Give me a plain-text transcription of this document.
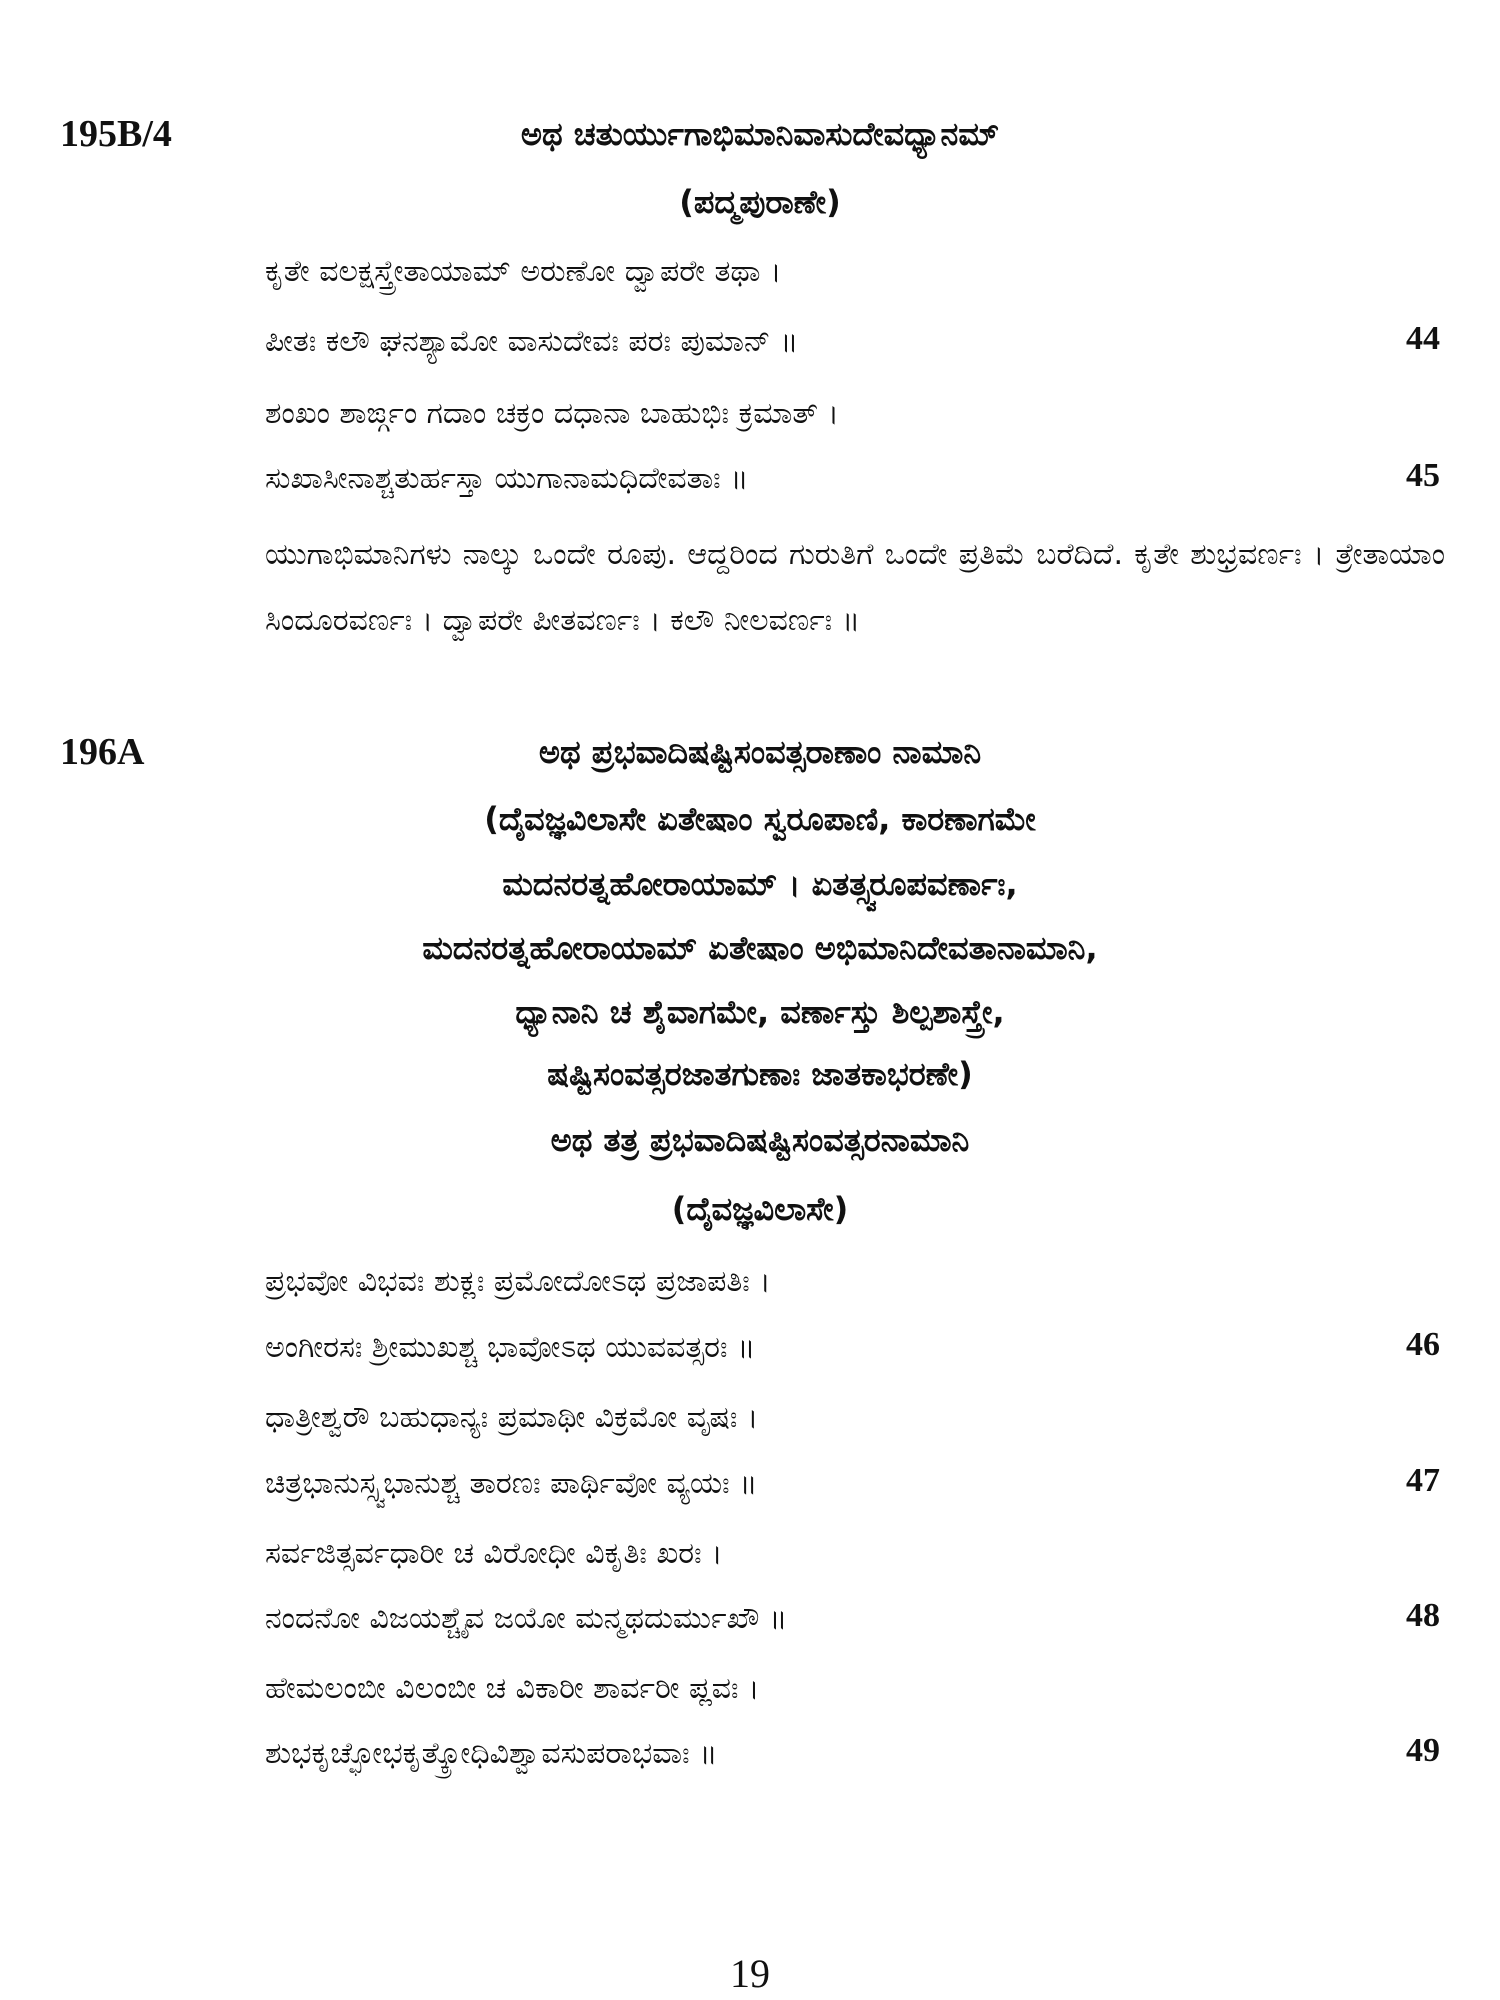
195B/4	ಅಥ ಚತುರ್ಯುಗಾಭಿಮಾನಿವಾಸುದೇವಧ್ಯಾನಮ್
(ಪದ್ಮಪುರಾಣೇ)
ಕೃತೇ ವಲಕ್ಷಸ್ತ್ರೇತಾಯಾಮ್ ಅರುಣೋ ದ್ವಾಪರೇ ತಥಾ ।
ಪೀತಃ ಕಲೌ ಘನಶ್ಯಾಮೋ ವಾಸುದೇವಃ ಪರಃ ಪುಮಾನ್ ॥	44
ಶಂಖಂ ಶಾರ್ಙ್ಗಂ ಗದಾಂ ಚಕ್ರಂ ದಧಾನಾ ಬಾಹುಭಿಃ ಕ್ರಮಾತ್ ।
ಸುಖಾಸೀನಾಶ್ಚತುರ್ಹಸ್ತಾ ಯುಗಾನಾಮಧಿದೇವತಾಃ ॥	45
ಯುಗಾಭಿಮಾನಿಗಳು ನಾಲ್ಕು ಒಂದೇ ರೂಪು. ಆದ್ದರಿಂದ ಗುರುತಿಗೆ ಒಂದೇ ಪ್ರತಿಮೆ ಬರೆದಿದೆ. ಕೃತೇ ಶುಭ್ರವರ್ಣಃ । ತ್ರೇತಾಯಾಂ ಸಿಂದೂರವರ್ಣಃ । ದ್ವಾಪರೇ ಪೀತವರ್ಣಃ । ಕಲೌ ನೀಲವರ್ಣಃ ॥
196A	ಅಥ ಪ್ರಭವಾದಿಷಷ್ಟಿಸಂವತ್ಸರಾಣಾಂ ನಾಮಾನಿ
(ದೈವಜ್ಞವಿಲಾಸೇ ಏತೇಷಾಂ ಸ್ವರೂಪಾಣಿ, ಕಾರಣಾಗಮೇ
ಮದನರತ್ನಹೋರಾಯಾಮ್ । ಏತತ್ಸ್ವರೂಪವರ್ಣಾಃ,
ಮದನರತ್ನಹೋರಾಯಾಮ್ ಏತೇಷಾಂ ಅಭಿಮಾನಿದೇವತಾನಾಮಾನಿ,
ಧ್ಯಾನಾನಿ ಚ ಶೈವಾಗಮೇ, ವರ್ಣಾಸ್ತು ಶಿಲ್ಪಶಾಸ್ತ್ರೇ,
ಷಷ್ಟಿಸಂವತ್ಸರಜಾತಗುಣಾಃ ಜಾತಕಾಭರಣೇ)
ಅಥ ತತ್ರ ಪ್ರಭವಾದಿಷಷ್ಟಿಸಂವತ್ಸರನಾಮಾನಿ
(ದೈವಜ್ಞವಿಲಾಸೇ)
ಪ್ರಭವೋ ವಿಭವಃ ಶುಕ್ಲಃ ಪ್ರಮೋದೋಽಥ ಪ್ರಜಾಪತಿಃ ।
ಅಂಗೀರಸಃ ಶ್ರೀಮುಖಶ್ಚ ಭಾವೋಽಥ ಯುವವತ್ಸರಃ ॥	46
ಧಾತ್ರೀಶ್ವರೌ ಬಹುಧಾನ್ಯಃ ಪ್ರಮಾಥೀ ವಿಕ್ರಮೋ ವೃಷಃ ।
ಚಿತ್ರಭಾನುಸ್ಸ್ವಭಾನುಶ್ಚ ತಾರಣಃ ಪಾರ್ಥಿವೋ ವ್ಯಯಃ ॥	47
ಸರ್ವಜಿತ್ಸರ್ವಧಾರೀ ಚ ವಿರೋಧೀ ವಿಕೃತಿಃ ಖರಃ ।
ನಂದನೋ ವಿಜಯಶ್ಚೈವ ಜಯೋ ಮನ್ಮಥದುರ್ಮುಖೌ ॥	48
ಹೇಮಲಂಬೀ ವಿಲಂಬೀ ಚ ವಿಕಾರೀ ಶಾರ್ವರೀ ಪ್ಲವಃ ।
ಶುಭಕೃಚ್ಛೋಭಕೃತ್ಕ್ರೋಧಿವಿಶ್ವಾವಸುಪರಾಭವಾಃ ॥	49
19
